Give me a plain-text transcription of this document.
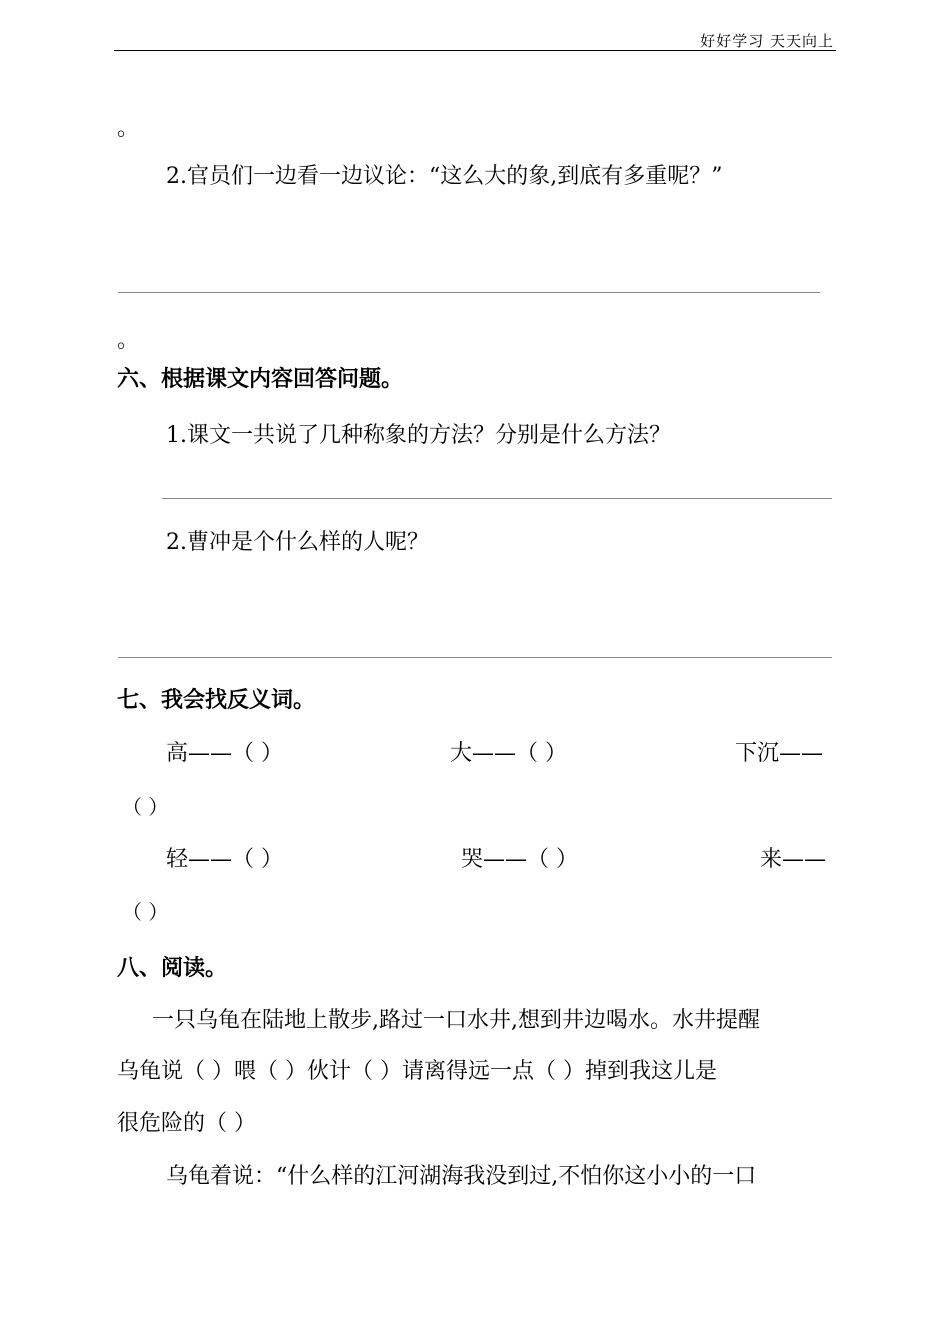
好好学习 天天向上
。
2.官员们一边看一边议论：“这么大的象,到底有多重呢？”
。
六、根据课文内容回答问题。
1.课文一共说了几种称象的方法？分别是什么方法？
2.曹冲是个什么样的人呢？
七、我会找反义词。
高——（ ）	大——（ ）	下沉——
（ ）
轻——（ ）	哭——（ ）	来——
（ ）
八、阅读。
一只乌龟在陆地上散步,路过一口水井,想到井边喝水。水井提醒
乌龟说（ ）喂（ ）伙计（ ）请离得远一点（ ）掉到我这儿是
很危险的（ ）
乌龟着说：“什么样的江河湖海我没到过,不怕你这小小的一口
